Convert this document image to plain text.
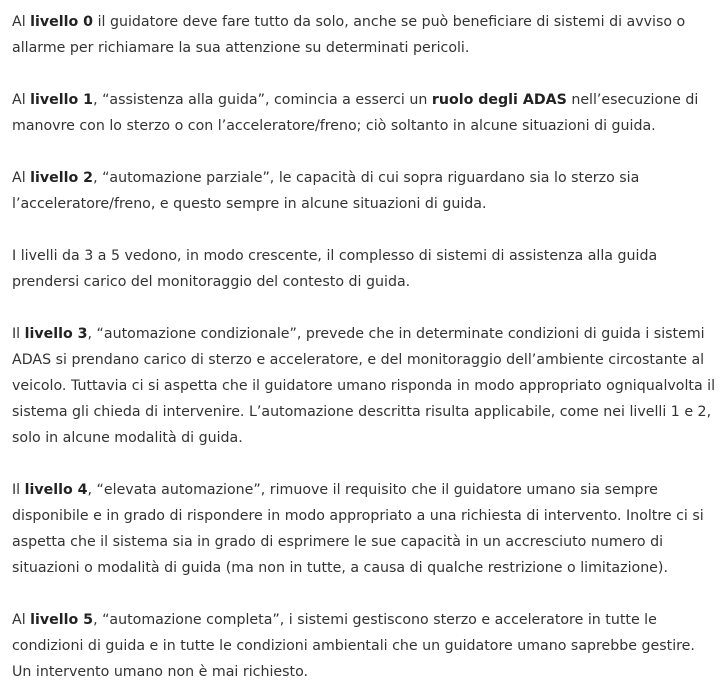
Al livello 0 il guidatore deve fare tutto da solo, anche se può beneficiare di sistemi di avviso o allarme per richiamare la sua attenzione su determinati pericoli.

Al livello 1, “assistenza alla guida”, comincia a esserci un ruolo degli ADAS nell’esecuzione di manovre con lo sterzo o con l’acceleratore/freno; ciò soltanto in alcune situazioni di guida.

Al livello 2, “automazione parziale”, le capacità di cui sopra riguardano sia lo sterzo sia l’acceleratore/freno, e questo sempre in alcune situazioni di guida.

I livelli da 3 a 5 vedono, in modo crescente, il complesso di sistemi di assistenza alla guida prendersi carico del monitoraggio del contesto di guida.

Il livello 3, “automazione condizionale”, prevede che in determinate condizioni di guida i sistemi ADAS si prendano carico di sterzo e acceleratore, e del monitoraggio dell’ambiente circostante al veicolo. Tuttavia ci si aspetta che il guidatore umano risponda in modo appropriato ogniqualvolta il sistema gli chieda di intervenire. L’automazione descritta risulta applicabile, come nei livelli 1 e 2, solo in alcune modalità di guida.

Il livello 4, “elevata automazione”, rimuove il requisito che il guidatore umano sia sempre disponibile e in grado di rispondere in modo appropriato a una richiesta di intervento. Inoltre ci si aspetta che il sistema sia in grado di esprimere le sue capacità in un accresciuto numero di situazioni o modalità di guida (ma non in tutte, a causa di qualche restrizione o limitazione).

Al livello 5, “automazione completa”, i sistemi gestiscono sterzo e acceleratore in tutte le condizioni di guida e in tutte le condizioni ambientali che un guidatore umano saprebbe gestire. Un intervento umano non è mai richiesto.
